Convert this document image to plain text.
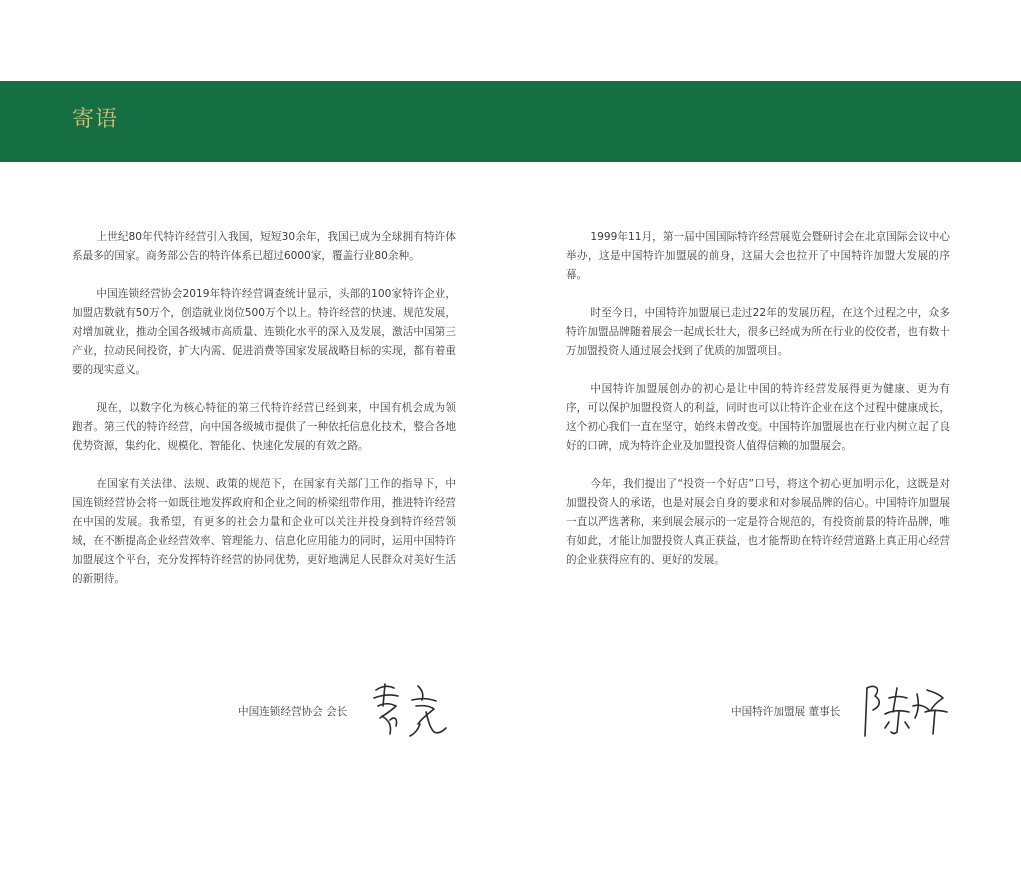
寄语

上世纪80年代特许经营引入我国，短短30余年，我国已成为全球拥有特许体系最多的国家。商务部公告的特许体系已超过6000家，覆盖行业80余种。

中国连锁经营协会2019年特许经营调查统计显示，头部的100家特许企业，加盟店数就有50万个，创造就业岗位500万个以上。特许经营的快速、规范发展，对增加就业，推动全国各级城市高质量、连锁化水平的深入及发展，激活中国第三产业，拉动民间投资，扩大内需、促进消费等国家发展战略目标的实现，都有着重要的现实意义。

现在，以数字化为核心特征的第三代特许经营已经到来，中国有机会成为领跑者。第三代的特许经营，向中国各级城市提供了一种依托信息化技术，整合各地优势资源，集约化、规模化、智能化、快速化发展的有效之路。

在国家有关法律、法规、政策的规范下，在国家有关部门工作的指导下，中国连锁经营协会将一如既往地发挥政府和企业之间的桥梁纽带作用，推进特许经营在中国的发展。我希望，有更多的社会力量和企业可以关注并投身到特许经营领域，在不断提高企业经营效率、管理能力、信息化应用能力的同时，运用中国特许加盟展这个平台，充分发挥特许经营的协同优势，更好地满足人民群众对美好生活的新期待。

1999年11月，第一届中国国际特许经营展览会暨研讨会在北京国际会议中心举办，这是中国特许加盟展的前身，这届大会也拉开了中国特许加盟大发展的序幕。

时至今日，中国特许加盟展已走过22年的发展历程，在这个过程之中，众多特许加盟品牌随着展会一起成长壮大，很多已经成为所在行业的佼佼者，也有数十万加盟投资人通过展会找到了优质的加盟项目。

中国特许加盟展创办的初心是让中国的特许经营发展得更为健康、更为有序，可以保护加盟投资人的利益，同时也可以让特许企业在这个过程中健康成长，这个初心我们一直在坚守，始终未曾改变。中国特许加盟展也在行业内树立起了良好的口碑，成为特许企业及加盟投资人值得信赖的加盟展会。

今年，我们提出了“投资一个好店”口号，将这个初心更加明示化，这既是对加盟投资人的承诺，也是对展会自身的要求和对参展品牌的信心。中国特许加盟展一直以严选著称，来到展会展示的一定是符合规范的，有投资前景的特许品牌，唯有如此，才能让加盟投资人真正获益，也才能帮助在特许经营道路上真正用心经营的企业获得应有的、更好的发展。

中国连锁经营协会 会长	中国特许加盟展 董事长
